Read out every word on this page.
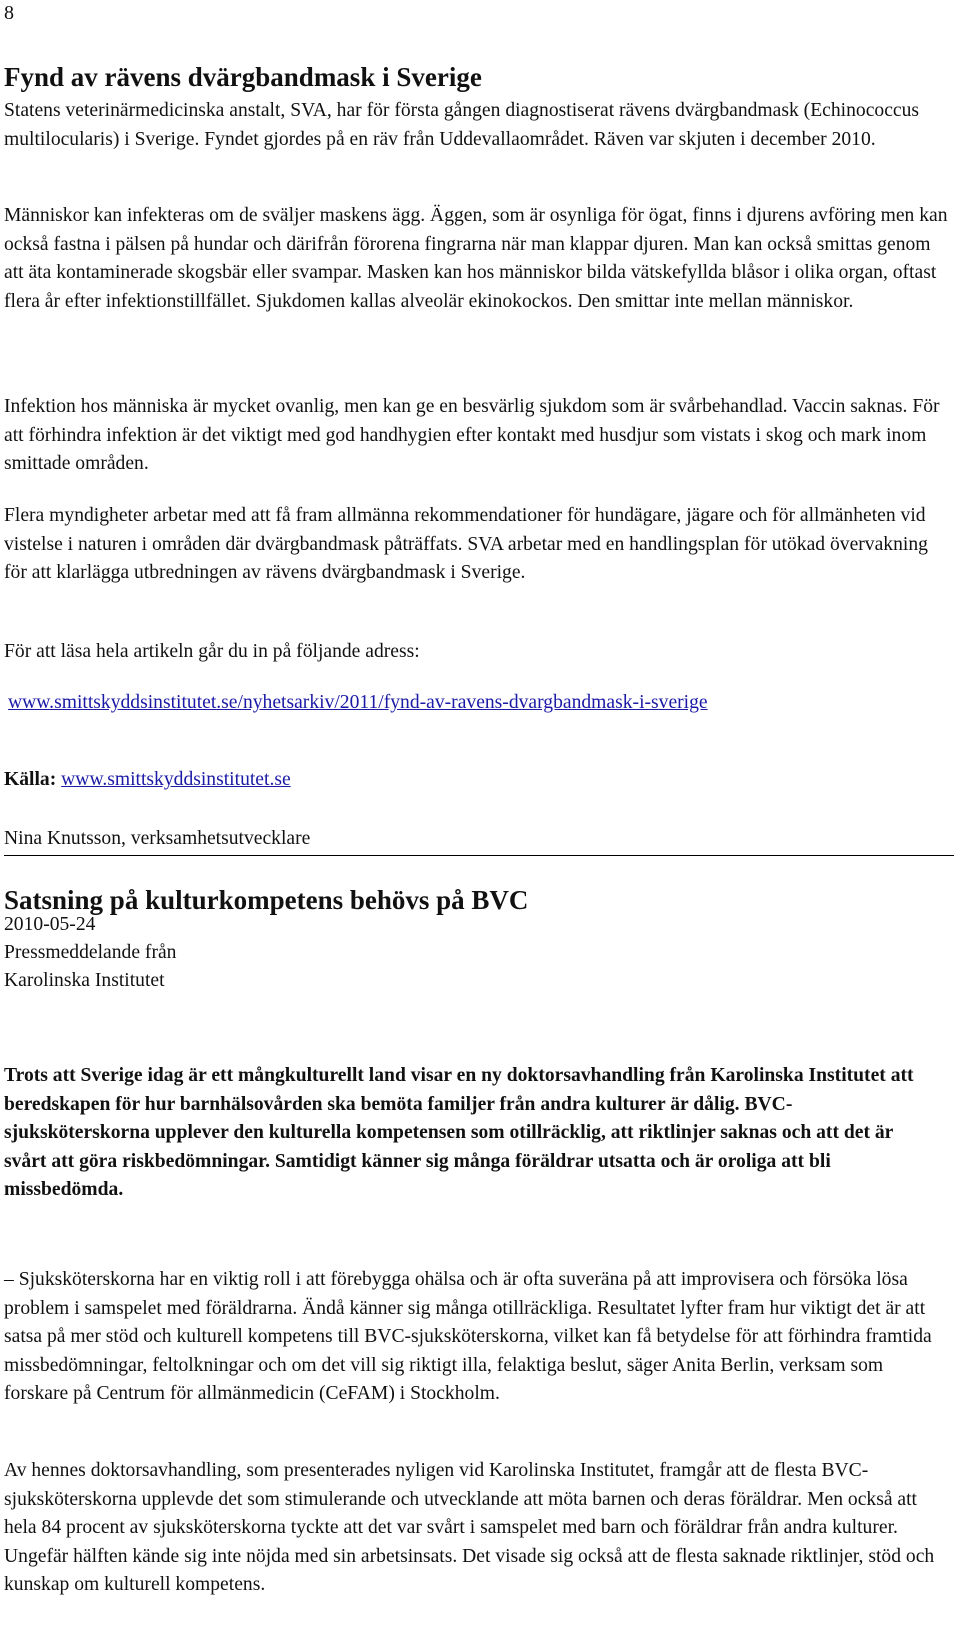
8
Fynd av rävens dvärgbandmask i Sverige

Statens veterinärmedicinska anstalt, SVA, har för första gången diagnostiserat rävens dvärgbandmask (Echinococcus multilocularis) i Sverige. Fyndet gjordes på en räv från Uddevallaområdet. Räven var skjuten i december 2010.

Människor kan infekteras om de sväljer maskens ägg. Äggen, som är osynliga för ögat, finns i djurens avföring men kan också fastna i pälsen på hundar och därifrån förorena fingrarna när man klappar djuren. Man kan också smittas genom att äta kontaminerade skogsbär eller svampar. Masken kan hos människor bilda vätskefyllda blåsor i olika organ, oftast flera år efter infektionstillfället. Sjukdomen kallas alveolär ekinokockos. Den smittar inte mellan människor.

Infektion hos människa är mycket ovanlig, men kan ge en besvärlig sjukdom som är svårbehandlad. Vaccin saknas. För att förhindra infektion är det viktigt med god handhygien efter kontakt med husdjur som vistats i skog och mark inom smittade områden.

Flera myndigheter arbetar med att få fram allmänna rekommendationer för hundägare, jägare och för allmänheten vid vistelse i naturen i områden där dvärgbandmask påträffats. SVA arbetar med en handlingsplan för utökad övervakning för att klarlägga utbredningen av rävens dvärgbandmask i Sverige.

För att läsa hela artikeln går du in på följande adress:

www.smittskyddsinstitutet.se/nyhetsarkiv/2011/fynd-av-ravens-dvargbandmask-i-sverige
Källa: www.smittskyddsinstitutet.se
Nina Knutsson, verksamhetsutvecklare
Satsning på kulturkompetens behövs på BVC
2010-05-24
Pressmeddelande från
Karolinska Institutet

Trots att Sverige idag är ett mångkulturellt land visar en ny doktorsavhandling från Karolinska Institutet att beredskapen för hur barnhälsovården ska bemöta familjer från andra kulturer är dålig. BVC-sjuksköterskorna upplever den kulturella kompetensen som otillräcklig, att riktlinjer saknas och att det är svårt att göra riskbedömningar. Samtidigt känner sig många föräldrar utsatta och är oroliga att bli missbedömda.

– Sjuksköterskorna har en viktig roll i att förebygga ohälsa och är ofta suveräna på att improvisera och försöka lösa problem i samspelet med föräldrarna. Ändå känner sig många otillräckliga. Resultatet lyfter fram hur viktigt det är att satsa på mer stöd och kulturell kompetens till BVC-sjuksköterskorna, vilket kan få betydelse för att förhindra framtida missbedömningar, feltolkningar och om det vill sig riktigt illa, felaktiga beslut, säger Anita Berlin, verksam som forskare på Centrum för allmänmedicin (CeFAM) i Stockholm.

Av hennes doktorsavhandling, som presenterades nyligen vid Karolinska Institutet, framgår att de flesta BVC-sjuksköterskorna upplevde det som stimulerande och utvecklande att möta barnen och deras föräldrar. Men också att hela 84 procent av sjuksköterskorna tyckte att det var svårt i samspelet med barn och föräldrar från andra kulturer. Ungefär hälften kände sig inte nöjda med sin arbetsinsats. Det visade sig också att de flesta saknade riktlinjer, stöd och kunskap om kulturell kompetens.
